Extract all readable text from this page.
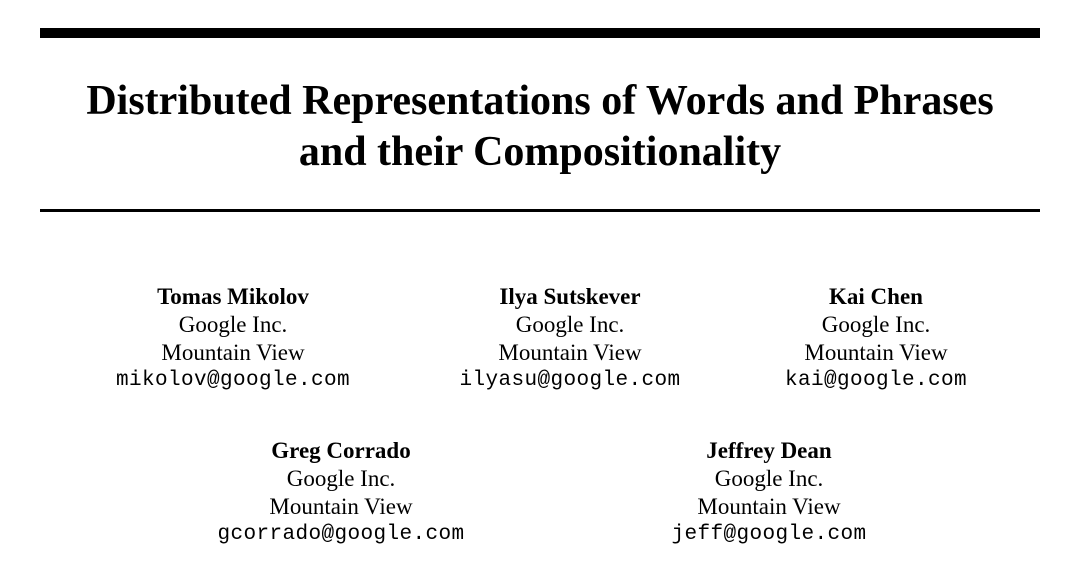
Distributed Representations of Words and Phrases
and their Compositionality
Tomas Mikolov
Google Inc.
Mountain View
mikolov@google.com
Ilya Sutskever
Google Inc.
Mountain View
ilyasu@google.com
Kai Chen
Google Inc.
Mountain View
kai@google.com
Greg Corrado
Google Inc.
Mountain View
gcorrado@google.com
Jeffrey Dean
Google Inc.
Mountain View
jeff@google.com
